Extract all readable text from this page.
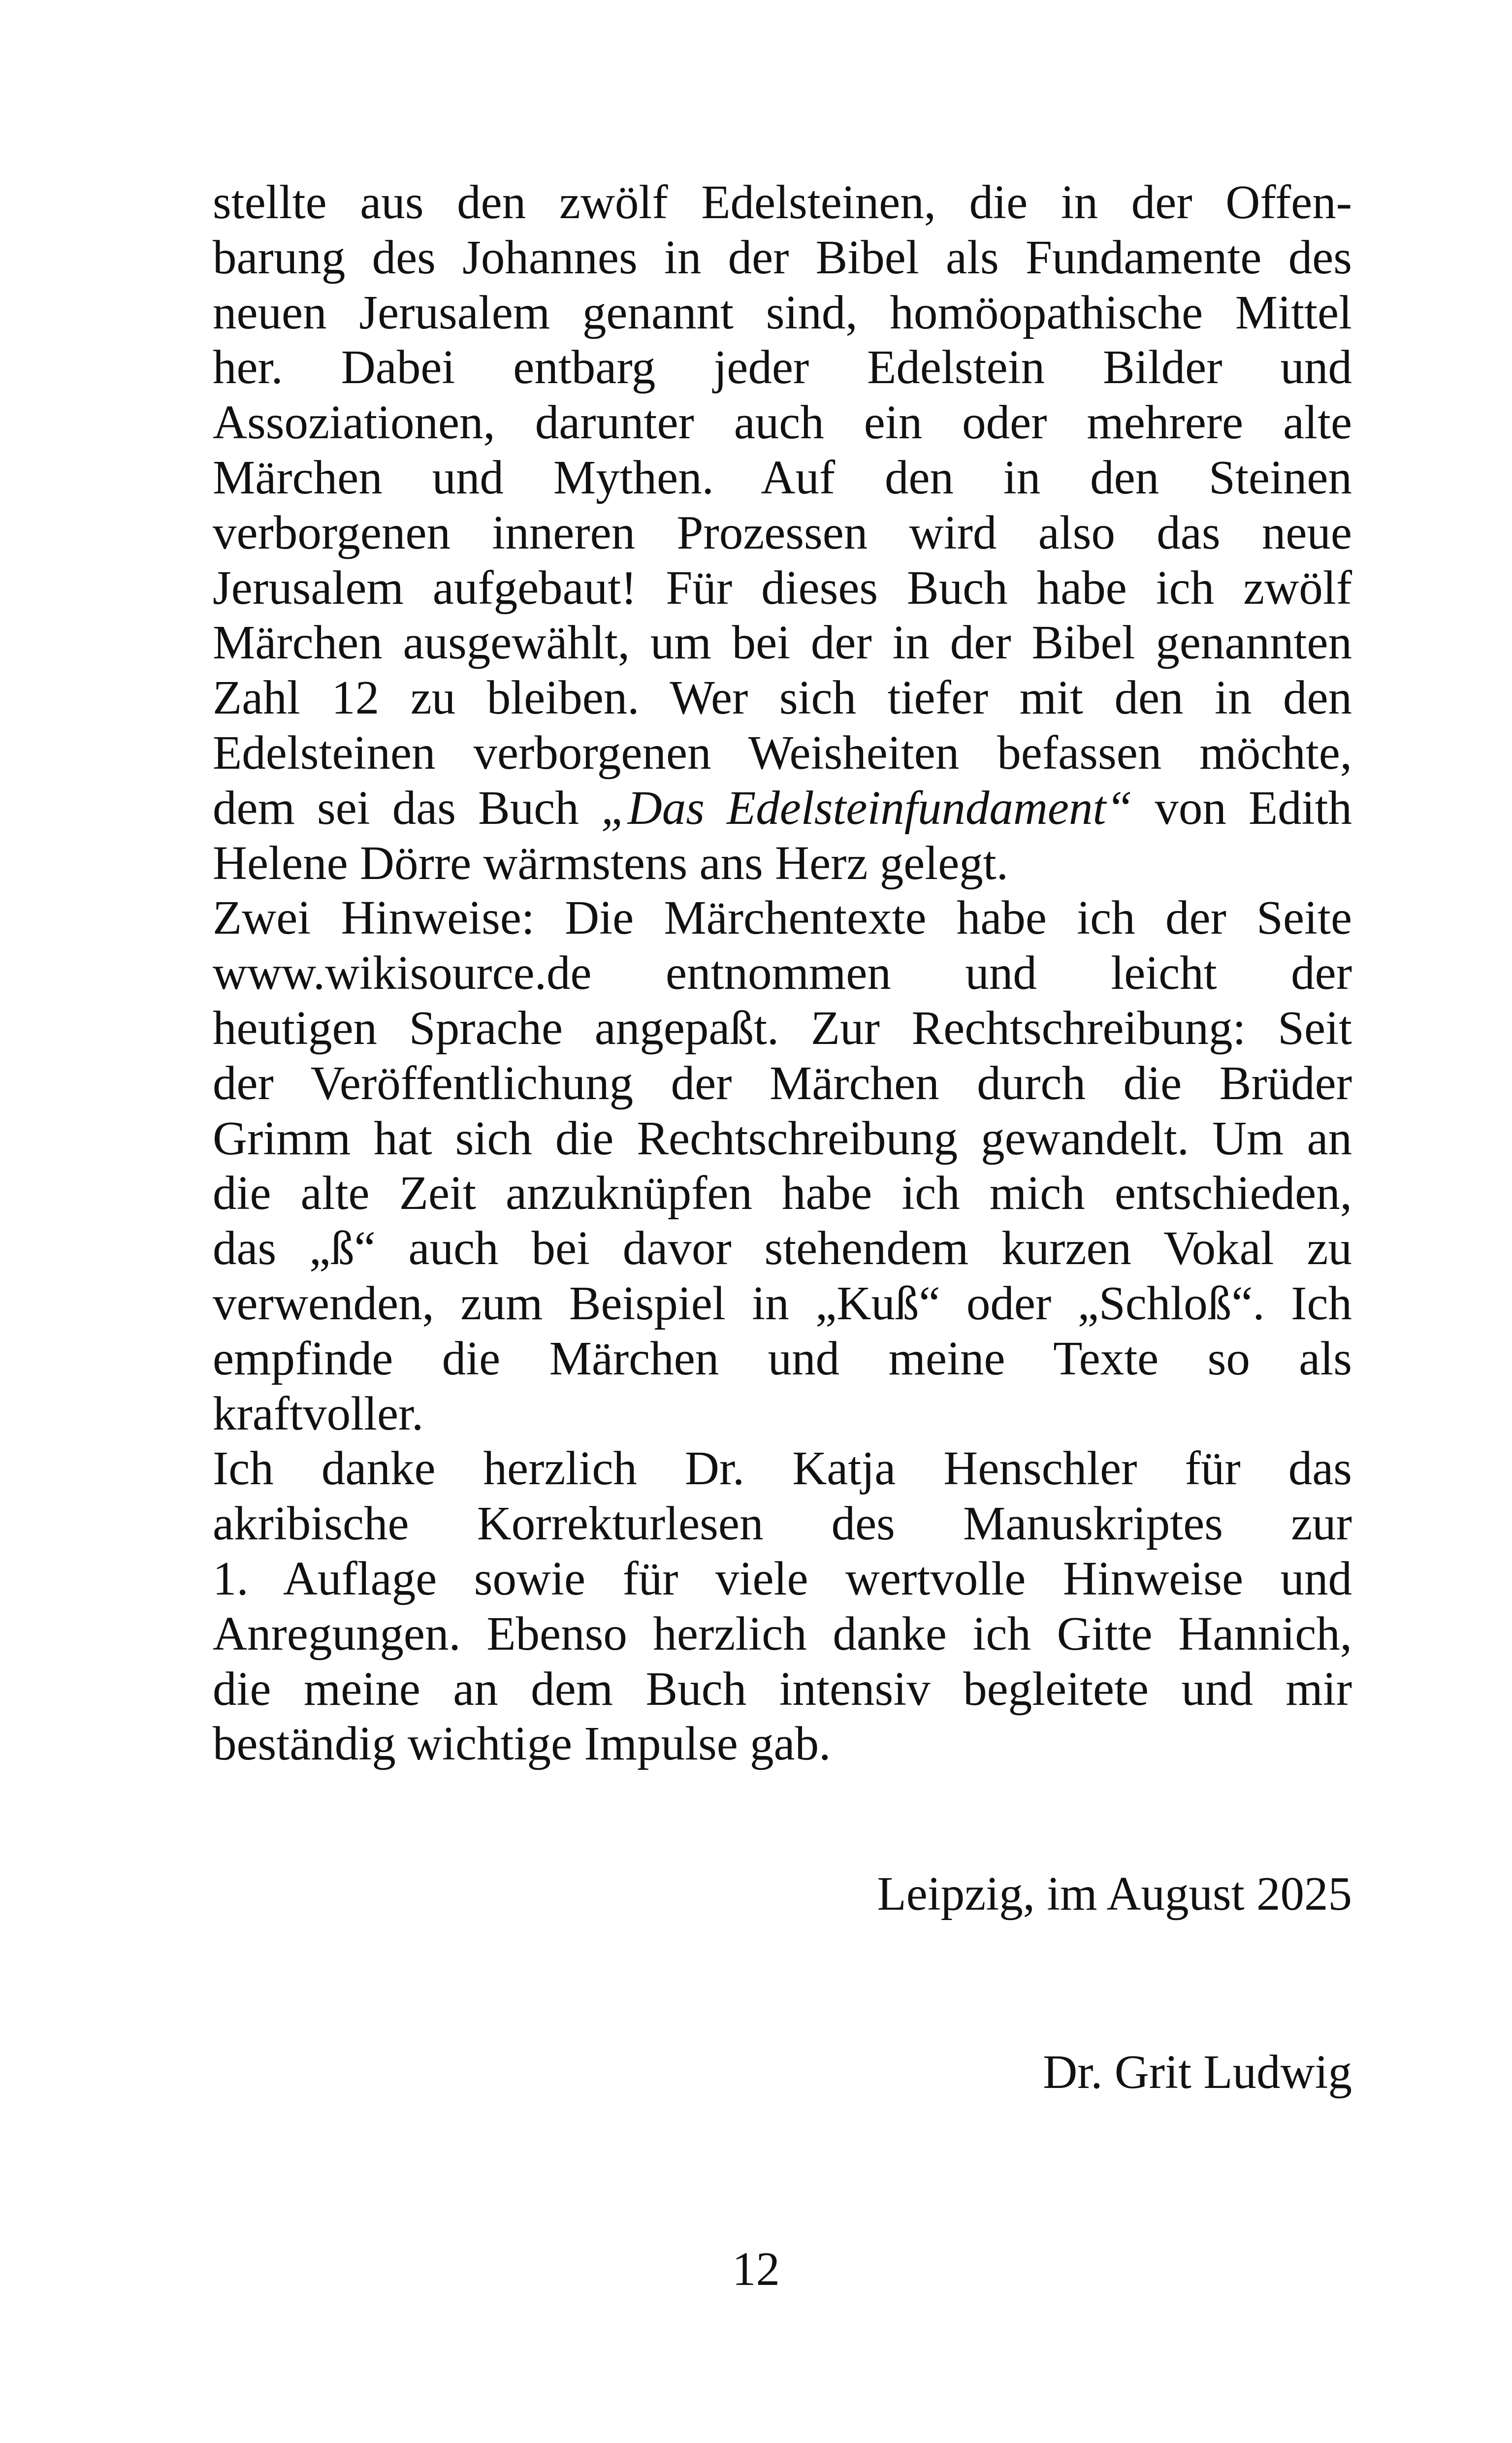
stellte aus den zwölf Edelsteinen, die in der Offen-
barung des Johannes in der Bibel als Fundamente des
neuen Jerusalem genannt sind, homöopathische Mittel
her. Dabei entbarg jeder Edelstein Bilder und
Assoziationen, darunter auch ein oder mehrere alte
Märchen und Mythen. Auf den in den Steinen
verborgenen inneren Prozessen wird also das neue
Jerusalem aufgebaut! Für dieses Buch habe ich zwölf
Märchen ausgewählt, um bei der in der Bibel genannten
Zahl 12 zu bleiben. Wer sich tiefer mit den in den
Edelsteinen verborgenen Weisheiten befassen möchte,
dem sei das Buch „Das Edelsteinfundament“ von Edith
Helene Dörre wärmstens ans Herz gelegt.
Zwei Hinweise: Die Märchentexte habe ich der Seite
www.wikisource.de entnommen und leicht der
heutigen Sprache angepaßt. Zur Rechtschreibung: Seit
der Veröffentlichung der Märchen durch die Brüder
Grimm hat sich die Rechtschreibung gewandelt. Um an
die alte Zeit anzuknüpfen habe ich mich entschieden,
das „ß“ auch bei davor stehendem kurzen Vokal zu
verwenden, zum Beispiel in „Kuß“ oder „Schloß“. Ich
empfinde die Märchen und meine Texte so als
kraftvoller.
Ich danke herzlich Dr. Katja Henschler für das
akribische Korrekturlesen des Manuskriptes zur
1. Auflage sowie für viele wertvolle Hinweise und
Anregungen. Ebenso herzlich danke ich Gitte Hannich,
die meine an dem Buch intensiv begleitete und mir
beständig wichtige Impulse gab.
Leipzig, im August 2025
Dr. Grit Ludwig
12
